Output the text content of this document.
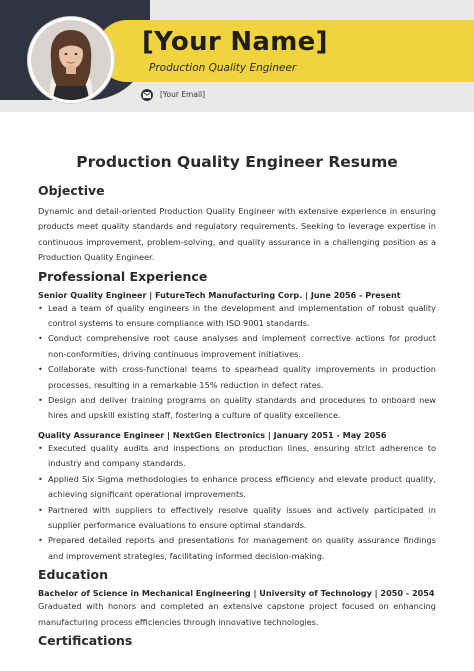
[Your Name]
Production Quality Engineer
[Your Email]
Production Quality Engineer Resume
Objective

Dynamic and detail-oriented Production Quality Engineer with extensive experience in ensuring products meet quality standards and regulatory requirements. Seeking to leverage expertise in continuous improvement, problem-solving, and quality assurance in a challenging position as a Production Quality Engineer.

Professional Experience
Senior Quality Engineer | FutureTech Manufacturing Corp. | June 2056 - Present
• Lead a team of quality engineers in the development and implementation of robust quality control systems to ensure compliance with ISO 9001 standards.
• Conduct comprehensive root cause analyses and implement corrective actions for product non-conformities, driving continuous improvement initiatives.
• Collaborate with cross-functional teams to spearhead quality improvements in production processes, resulting in a remarkable 15% reduction in defect rates.
• Design and deliver training programs on quality standards and procedures to onboard new hires and upskill existing staff, fostering a culture of quality excellence.
Quality Assurance Engineer | NextGen Electronics | January 2051 - May 2056
• Executed quality audits and inspections on production lines, ensuring strict adherence to industry and company standards.
• Applied Six Sigma methodologies to enhance process efficiency and elevate product quality, achieving significant operational improvements.
• Partnered with suppliers to effectively resolve quality issues and actively participated in supplier performance evaluations to ensure optimal standards.
• Prepared detailed reports and presentations for management on quality assurance findings and improvement strategies, facilitating informed decision-making.
Education
Bachelor of Science in Mechanical Engineering | University of Technology | 2050 - 2054

Graduated with honors and completed an extensive capstone project focused on enhancing manufacturing process efficiencies through innovative technologies.

Certifications
